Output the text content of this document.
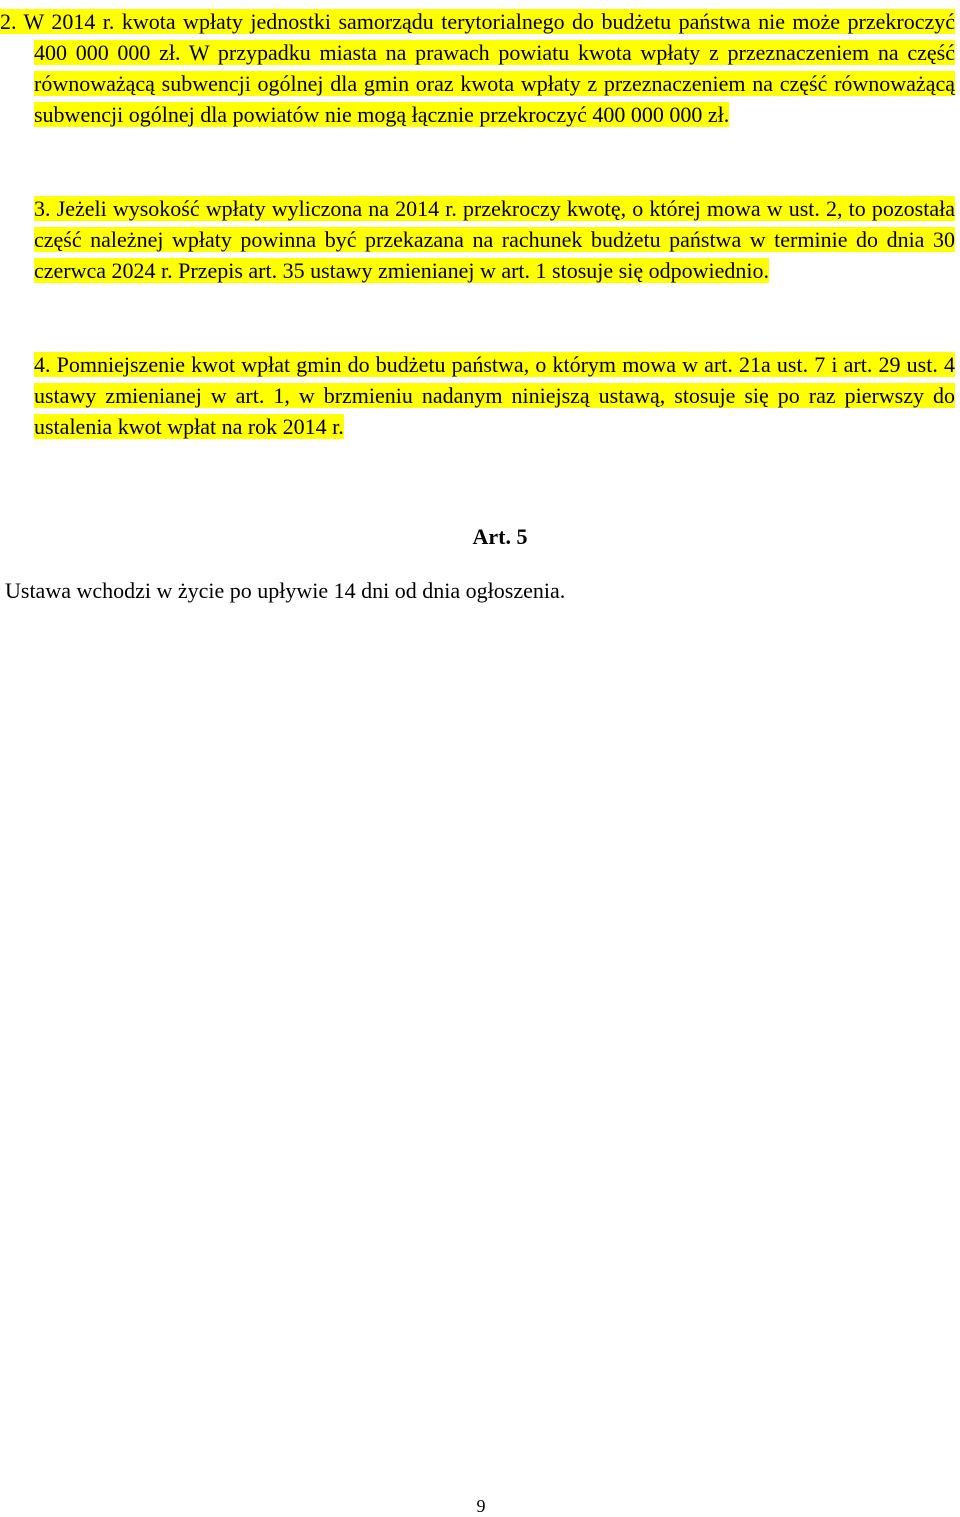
2. W 2014 r. kwota wpłaty jednostki samorządu terytorialnego do budżetu państwa nie może przekroczyć 400 000 000 zł. W przypadku miasta na prawach powiatu kwota wpłaty z przeznaczeniem na część równoważącą subwencji ogólnej dla gmin oraz kwota wpłaty z przeznaczeniem na część równoważącą subwencji ogólnej dla powiatów nie mogą łącznie przekroczyć 400 000 000 zł.

3. Jeżeli wysokość wpłaty wyliczona na 2014 r. przekroczy kwotę, o której mowa w ust. 2, to pozostała część należnej wpłaty powinna być przekazana na rachunek budżetu państwa w terminie do dnia 30 czerwca 2024 r. Przepis art. 35 ustawy zmienianej w art. 1 stosuje się odpowiednio.

4. Pomniejszenie kwot wpłat gmin do budżetu państwa, o którym mowa w art. 21a ust. 7 i art. 29 ust. 4 ustawy zmienianej w art. 1, w brzmieniu nadanym niniejszą ustawą, stosuje się po raz pierwszy do ustalenia kwot wpłat na rok 2014 r.

Art. 5

Ustawa wchodzi w życie po upływie 14 dni od dnia ogłoszenia.

9
